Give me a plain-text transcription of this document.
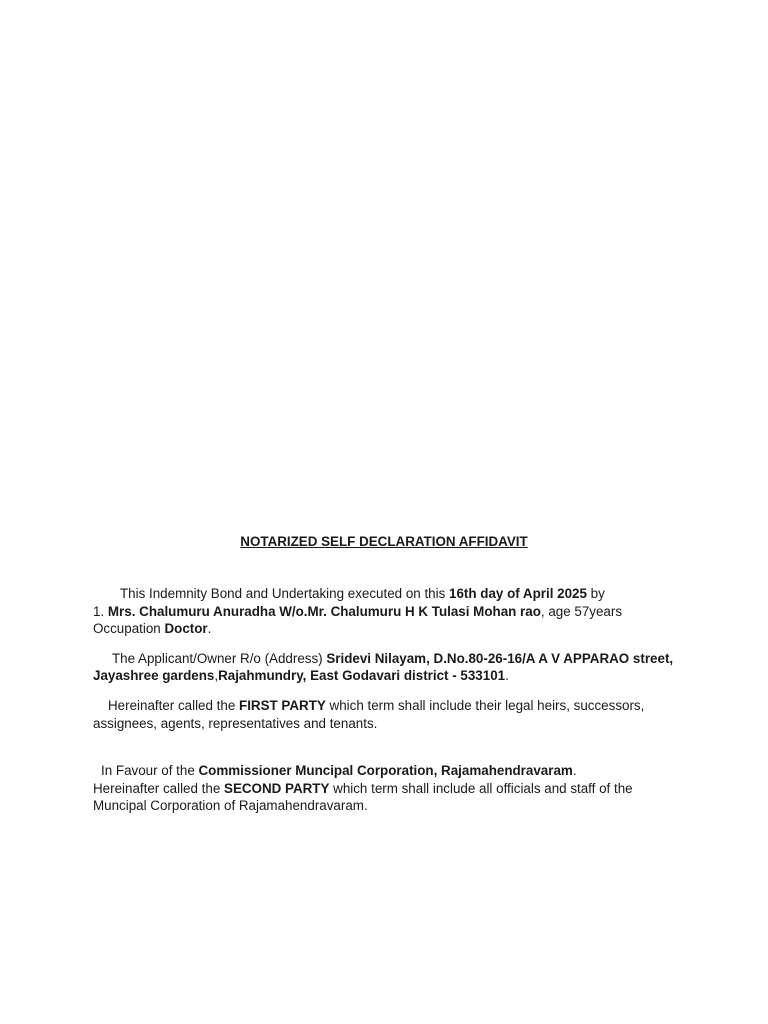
NOTARIZED SELF DECLARATION AFFIDAVIT

This Indemnity Bond and Undertaking executed on this 16th day of April 2025 by
1. Mrs. Chalumuru Anuradha W/o.Mr. Chalumuru H K Tulasi Mohan rao, age 57years
Occupation Doctor.

The Applicant/Owner R/o (Address) Sridevi Nilayam, D.No.80-26-16/A A V APPARAO street, Jayashree gardens,Rajahmundry, East Godavari district - 533101.

Hereinafter called the FIRST PARTY which term shall include their legal heirs, successors, assignees, agents, representatives and tenants.

In Favour of the Commissioner Muncipal Corporation, Rajamahendravaram.
Hereinafter called the SECOND PARTY which term shall include all officials and staff of the Muncipal Corporation of Rajamahendravaram.
